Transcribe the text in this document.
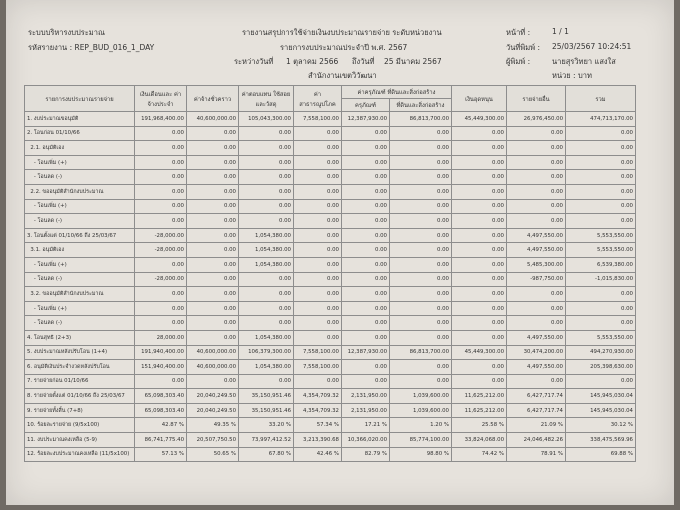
ระบบบริหารงบประมาณ
รหัสรายงาน : REP_BUD_016_1_DAY
รายงานสรุปการใช้จ่ายเงินงบประมาณรายจ่าย ระดับหน่วยงาน
รายการงบประมาณประจำปี พ.ศ. 2567
ระหว่างวันที่ 1 ตุลาคม 2566 ถึงวันที่ 25 มีนาคม 2567
สำนักงานเขตวิวัฒนา
หน้าที่ :	1 / 1
วันที่พิมพ์ : 25/03/2567 10:24:51
ผู้พิมพ์ :	นายสุรวิทยา แสงใส
หน่วย : บาท
รายการงบประมาณรายจ่าย	เงินเดือนและ ค่าจ้างประจำ	ค่าจ้างชั่วคราว	ค่าตอบแทน ใช้สอยและวัสดุ	ค่า สาธารณูปโภค	ค่าครุภัณฑ์ ที่ดินและสิ่งก่อสร้าง		เงินอุดหนุน	รายจ่ายอื่น	รวม
					ครุภัณฑ์	ที่ดินและสิ่งก่อสร้าง			
1. งบประมาณขอนุมัติ	191,968,400.00	40,600,000.00	105,043,300.00	7,558,100.00	12,387,930.00	86,813,700.00	45,449,300.00	26,976,450.00	474,713,170.00
2. โอนก่อน 01/10/66	0.00	0.00	0.00	0.00	0.00	0.00	0.00	0.00	0.00
2.1. อนุมัติเอง	0.00	0.00	0.00	0.00	0.00	0.00	0.00	0.00	0.00
- โอนเพิ่ม (+)	0.00	0.00	0.00	0.00	0.00	0.00	0.00	0.00	0.00
- โอนลด (-)	0.00	0.00	0.00	0.00	0.00	0.00	0.00	0.00	0.00
2.2. ขออนุมัติสำนักงบประมาณ	0.00	0.00	0.00	0.00	0.00	0.00	0.00	0.00	0.00
- โอนเพิ่ม (+)	0.00	0.00	0.00	0.00	0.00	0.00	0.00	0.00	0.00
- โอนลด (-)	0.00	0.00	0.00	0.00	0.00	0.00	0.00	0.00	0.00
3. โอนตั้งแต่ 01/10/66 ถึง 25/03/67	-28,000.00	0.00	1,054,380.00	0.00	0.00	0.00	0.00	4,497,550.00	5,553,550.00
3.1. อนุมัติเอง	-28,000.00	0.00	1,054,380.00	0.00	0.00	0.00	0.00	4,497,550.00	5,553,550.00
- โอนเพิ่ม (+)	0.00	0.00	1,054,380.00	0.00	0.00	0.00	0.00	5,485,300.00	6,539,380.00
- โอนลด (-)	-28,000.00	0.00	0.00	0.00	0.00	0.00	0.00	-987,750.00	-1,015,830.00
3.2. ขออนุมัติสำนักงบประมาณ	0.00	0.00	0.00	0.00	0.00	0.00	0.00	0.00	0.00
- โอนเพิ่ม (+)	0.00	0.00	0.00	0.00	0.00	0.00	0.00	0.00	0.00
- โอนลด (-)	0.00	0.00	0.00	0.00	0.00	0.00	0.00	0.00	0.00
4. โอนสุทธิ (2+3)	28,000.00	0.00	1,054,380.00	0.00	0.00	0.00	0.00	4,497,550.00	5,553,550.00
5. งบประมาณหลังปรับโอน (1+4)	191,940,400.00	40,600,000.00	106,379,300.00	7,558,100.00	12,387,930.00	86,813,700.00	45,449,300.00	30,474,200.00	494,270,930.00
6. อนุมัติเงินประจำงวดหลังปรับโอน	151,940,400.00	40,600,000.00	1,054,380.00	7,558,100.00	0.00	0.00	0.00	4,497,550.00	205,398,630.00
7. รายจ่ายก่อน 01/10/66	0.00	0.00	0.00	0.00	0.00	0.00	0.00	0.00	0.00
8. รายจ่ายตั้งแต่ 01/10/66 ถึง 25/03/67	65,098,303.40	20,040,249.50	35,150,951.46	4,354,709.32	2,131,950.00	1,039,600.00	11,625,212.00	6,427,717.74	145,945,030.04
9. รายจ่ายทั้งสิ้น (7+8)	65,098,303.40	20,040,249.50	35,150,951.46	4,354,709.32	2,131,950.00	1,039,600.00	11,625,212.00	6,427,717.74	145,945,030.04
10. ร้อยละรายจ่าย (9/5x100)	42.87 %	49.35 %	33.20 %	57.34 %	17.21 %	1.20 %	25.58 %	21.09 %	30.12 %
11. งบประมาณคงเหลือ (5-9)	86,741,775.40	20,507,750.50	73,997,412.52	3,213,390.68	10,366,020.00	85,774,100.00	33,824,068.00	24,046,482.26	338,475,569.96
12. ร้อยละงบประมาณคงเหลือ (11/5x100)	57.13 %	50.65 %	67.80 %	42.46 %	82.79 %	98.80 %	74.42 %	78.91 %	69.88 %
